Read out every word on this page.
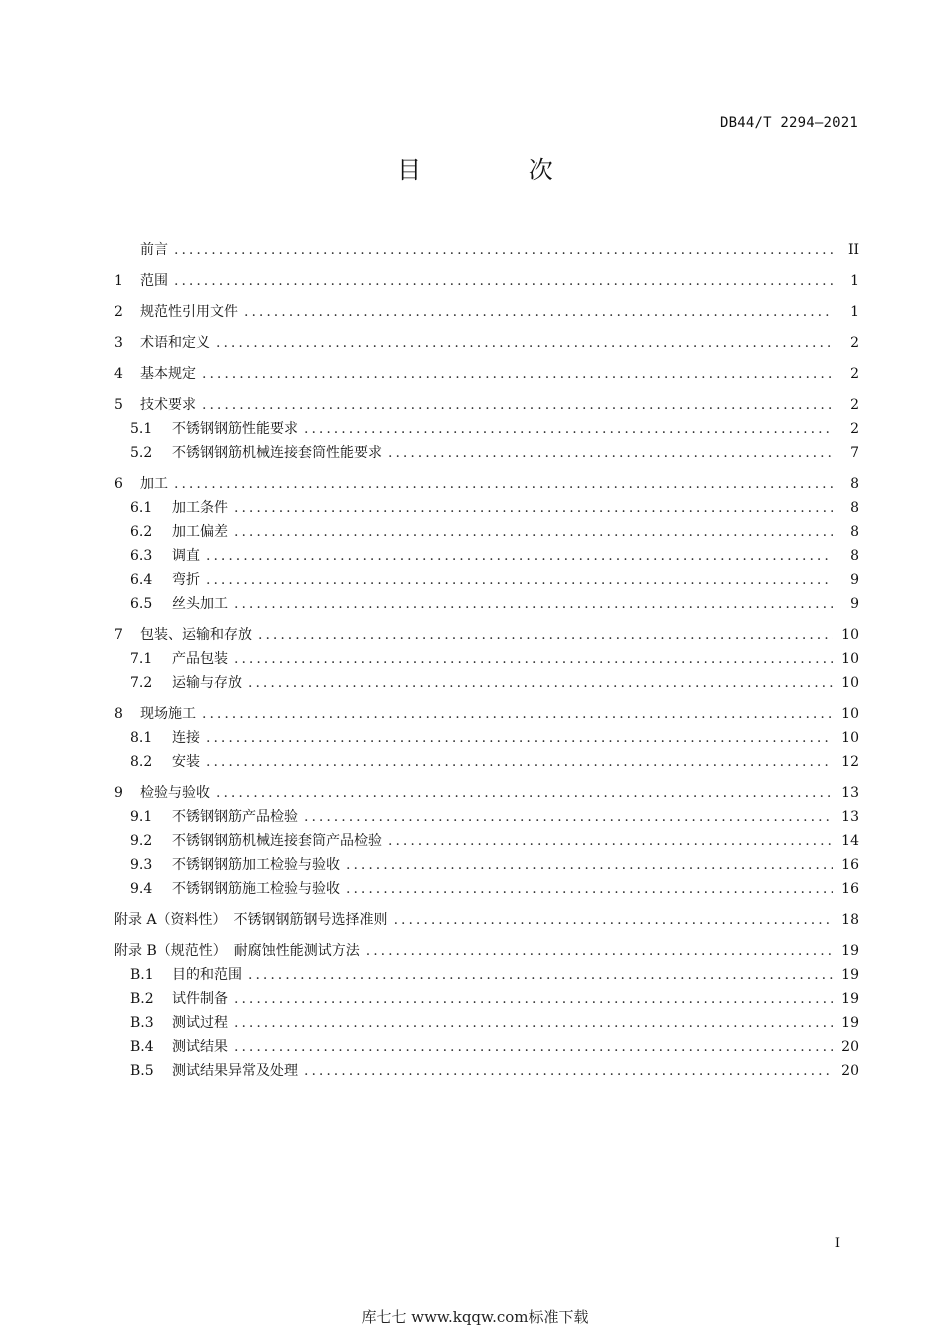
DB44/T 2294—2021
目 次
前言 .....	II
1	范围 .....	1
2	规范性引用文件 .....	1
3	术语和定义 .....	2
4	基本规定 .....	2
5	技术要求 .....	2
5.1	不锈钢钢筋性能要求 .....	2
5.2	不锈钢钢筋机械连接套筒性能要求 .....	7
6	加工 .....	8
6.1	加工条件 .....	8
6.2	加工偏差 .....	8
6.3	调直 .....	8
6.4	弯折 .....	9
6.5	丝头加工 .....	9
7	包装、运输和存放 .....	10
7.1	产品包装 .....	10
7.2	运输与存放 .....	10
8	现场施工 .....	10
8.1	连接 .....	10
8.2	安装 .....	12
9	检验与验收 .....	13
9.1	不锈钢钢筋产品检验 .....	13
9.2	不锈钢钢筋机械连接套筒产品检验 .....	14
9.3	不锈钢钢筋加工检验与验收 .....	16
9.4	不锈钢钢筋施工检验与验收 .....	16
附录 A（资料性）　不锈钢钢筋钢号选择准则 .....	18
附录 B（规范性）　耐腐蚀性能测试方法 .....	19
B.1	目的和范围 .....	19
B.2	试件制备 .....	19
B.3	测试过程 .....	19
B.4	测试结果 .....	20
B.5	测试结果异常及处理 .....	20
I
库七七 www.kqqw.com标准下载
